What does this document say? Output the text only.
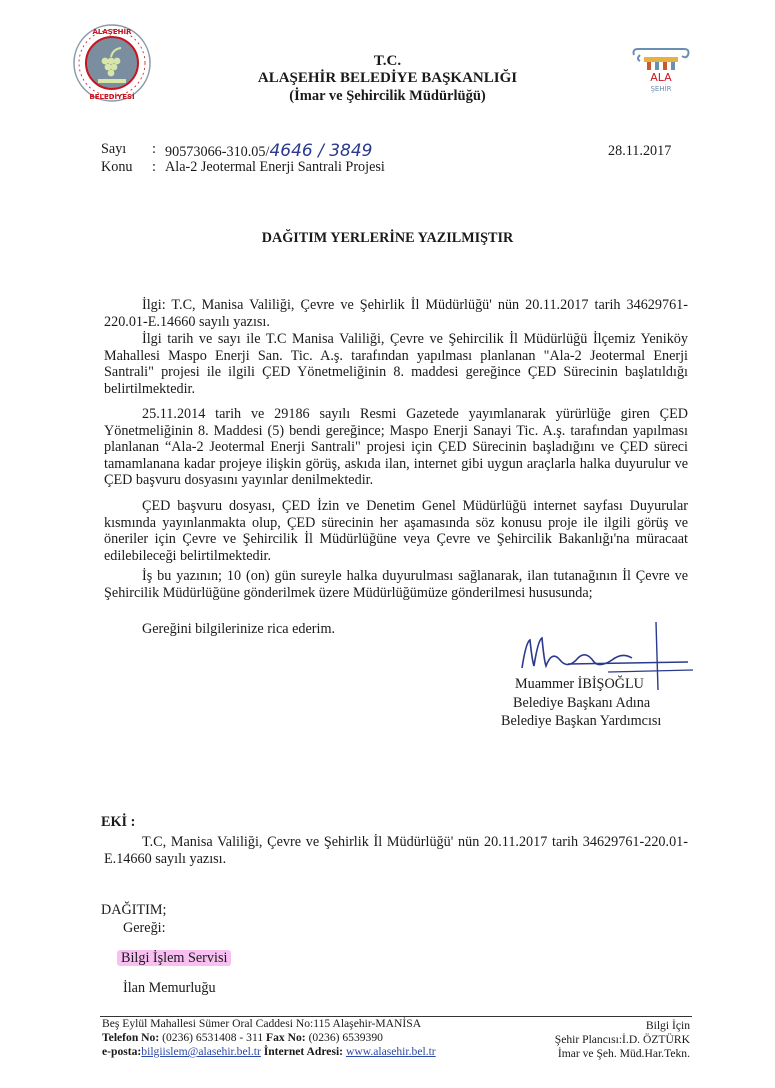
ALAŞEHİR
BELEDİYESİ
ALA
ŞEHİR
T.C.
ALAŞEHİR BELEDİYE BAŞKANLIĞI
(İmar ve Şehircilik Müdürlüğü)
Sayı : 90573066-310.05/4646 / 3849
Konu : Ala-2 Jeotermal Enerji Santrali Projesi
28.11.2017
DAĞITIM YERLERİNE YAZILMIŞTIR
İlgi: T.C, Manisa Valiliği, Çevre ve Şehirlik İl Müdürlüğü' nün 20.11.2017 tarih 34629761-220.01-E.14660 sayılı yazısı.
İlgi tarih ve sayı ile T.C Manisa Valiliği, Çevre ve Şehircilik İl Müdürlüğü İlçemiz Yeniköy Mahallesi Maspo Enerji San. Tic. A.ş. tarafından yapılması planlanan "Ala-2 Jeotermal Enerji Santrali" projesi ile ilgili ÇED Yönetmeliğinin 8. maddesi gereğince ÇED Sürecinin başlatıldığı belirtilmektedir.
25.11.2014 tarih ve 29186 sayılı Resmi Gazetede yayımlanarak yürürlüğe giren ÇED Yönetmeliğinin 8. Maddesi (5) bendi gereğince; Maspo Enerji Sanayi Tic. A.ş. tarafından yapılması planlanan “Ala-2 Jeotermal Enerji Santrali" projesi için ÇED Sürecinin başladığını ve ÇED süreci tamamlanana kadar projeye ilişkin görüş, askıda ilan, internet gibi uygun araçlarla halka duyurulur ve ÇED başvuru dosyasını yayınlar denilmektedir.
ÇED başvuru dosyası, ÇED İzin ve Denetim Genel Müdürlüğü internet sayfası Duyurular kısmında yayınlanmakta olup, ÇED sürecinin her aşamasında söz konusu proje ile ilgili görüş ve öneriler için Çevre ve Şehircilik İl Müdürlüğüne veya Çevre ve Şehircilik Bakanlığı'na müracaat edilebileceği belirtilmektedir.
İş bu yazının; 10 (on) gün sureyle halka duyurulması sağlanarak, ilan tutanağının İl Çevre ve Şehircilik Müdürlüğüne gönderilmek üzere Müdürlüğümüze gönderilmesi hususunda;
Gereğini bilgilerinize rica ederim.
Muammer İBİŞOĞLU
Belediye Başkanı Adına
Belediye Başkan Yardımcısı
EKİ :
T.C, Manisa Valiliği, Çevre ve Şehirlik İl Müdürlüğü' nün 20.11.2017 tarih 34629761-220.01-E.14660 sayılı yazısı.
DAĞITIM;
Gereği:
Bilgi İşlem Servisi
İlan Memurluğu
Beş Eylül Mahallesi Sümer Oral Caddesi No:115 Alaşehir-MANİSA
Telefon No: (0236) 6531408 - 311 Fax No: (0236) 6539390
e-posta:bilgiislem@alasehir.bel.tr İnternet Adresi: www.alasehir.bel.tr
Bilgi İçin
Şehir Plancısı:İ.D. ÖZTÜRK
İmar ve Şeh. Müd.Har.Tekn.
